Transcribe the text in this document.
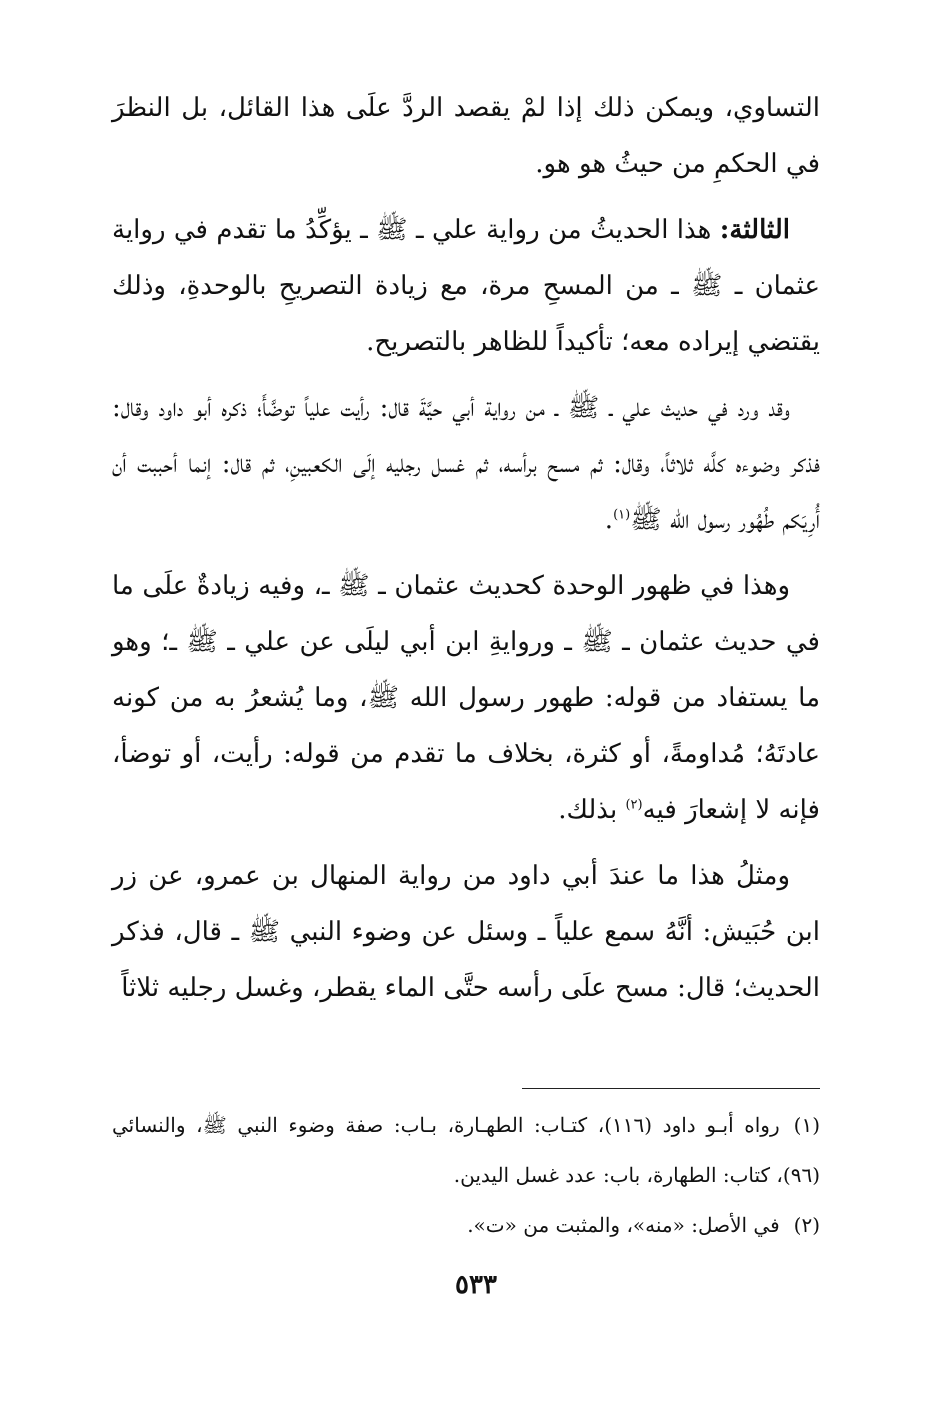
التساوي، ويمكن ذلك إذا لمْ يقصد الردَّ علَى هذا القائل، بل النظرَ في الحكمِ من حيثُ هو هو.

الثالثة: هذا الحديثُ من رواية علي ـ ﷺ ـ يؤكِّدُ ما تقدم في رواية عثمان ـ ﷺ ـ من المسحِ مرة، مع زيادة التصريحِ بالوحدةِ، وذلك يقتضي إيراده معه؛ تأكيداً للظاهر بالتصريح.

وقد ورد في حديث علي ـ ﷺ ـ من رواية أبي حيَّةَ قال: رأيت علياً توضَّأَ؛ ذكره أبو داود وقال: فذكر وضوءه كلَّه ثلاثاً، وقال: ثم مسح برأسه، ثم غسل رجليه إلَى الكعبينِ، ثم قال: إنما أحببت أن أُرِيَكم طُهُور رسول الله ﷺ$^{(١)}$.

وهذا في ظهور الوحدة كحديث عثمان ـ ﷺ ـ، وفيه زيادةٌ علَى ما في حديث عثمان ـ ﷺ ـ وروايةِ ابن أبي ليلَى عن علي ـ ﷺ ـ؛ وهو ما يستفاد من قوله: طهور رسول الله ﷺ، وما يُشعرُ به من كونه عادتَهُ؛ مُداومةً، أو كثرة، بخلاف ما تقدم من قوله: رأيت، أو توضأ، فإنه لا إشعارَ فيه$^{(٢)}$ بذلك.

ومثلُ هذا ما عندَ أبي داود من رواية المنهال بن عمرو، عن زر ابن حُبَيش: أنَّهُ سمع علياً ـ وسئل عن وضوء النبي ﷺ ـ قال، فذكر الحديث؛ قال: مسح علَى رأسه حتَّى الماء يقطر، وغسل رجليه ثلاثاً

(١)رواه أبـو داود (١١٦)، كتـاب: الطهـارة، بـاب: صفة وضوء النبي ﷺ، والنسائي (٩٦)، كتاب: الطهارة، باب: عدد غسل اليدين.

(٢)في الأصل: «منه»، والمثبت من «ت».

٥٣٣
